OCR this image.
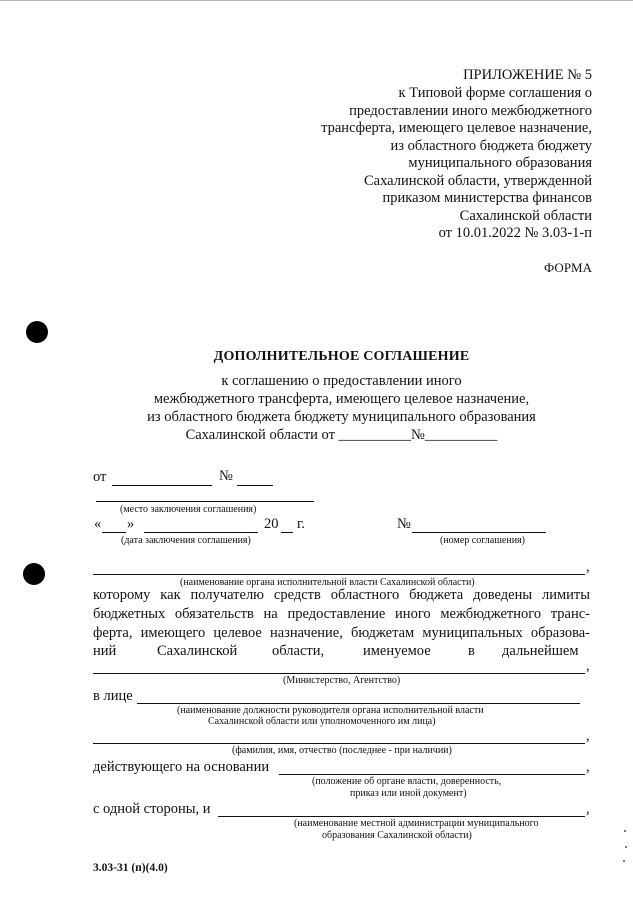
ПРИЛОЖЕНИЕ № 5
к Типовой форме соглашения о
предоставлении иного межбюджетного
трансферта, имеющего целевое назначение,
из областного бюджета бюджету
муниципального образования
Сахалинской области, утвержденной
приказом министерства финансов
Сахалинской области
от 10.01.2022 № 3.03-1-п
ФОРМА
ДОПОЛНИТЕЛЬНОЕ СОГЛАШЕНИЕ
к соглашению о предоставлении иного
межбюджетного трансферта, имеющего целевое назначение,
из областного бюджета бюджету муниципального образования
Сахалинской области от __________№__________
от	№
(место заключения соглашения)
« »	20 г.	№
(дата заключения соглашения)	(номер соглашения)
,
(наименование органа исполнительной власти Сахалинской области)
которому как получателю средств областного бюджета доведены лимиты
бюджетных обязательств на предоставление иного межбюджетного транс-
ферта, имеющего целевое назначение, бюджетам муниципальных образова-
ний	Сахалинской области,	именуемое	в дальнейшем
,
(Министерство, Агентство)
в лице
(наименование должности руководителя органа исполнительной власти
Сахалинской области или уполномоченного им лица)
,
(фамилия, имя, отчество (последнее - при наличии)
действующего на основании	,
(положение об органе власти, доверенность,
приказ или иной документ)
с одной стороны, и	,
(наименование местной администрации муниципального
образования Сахалинской области)
3.03-31 (п)(4.0)
